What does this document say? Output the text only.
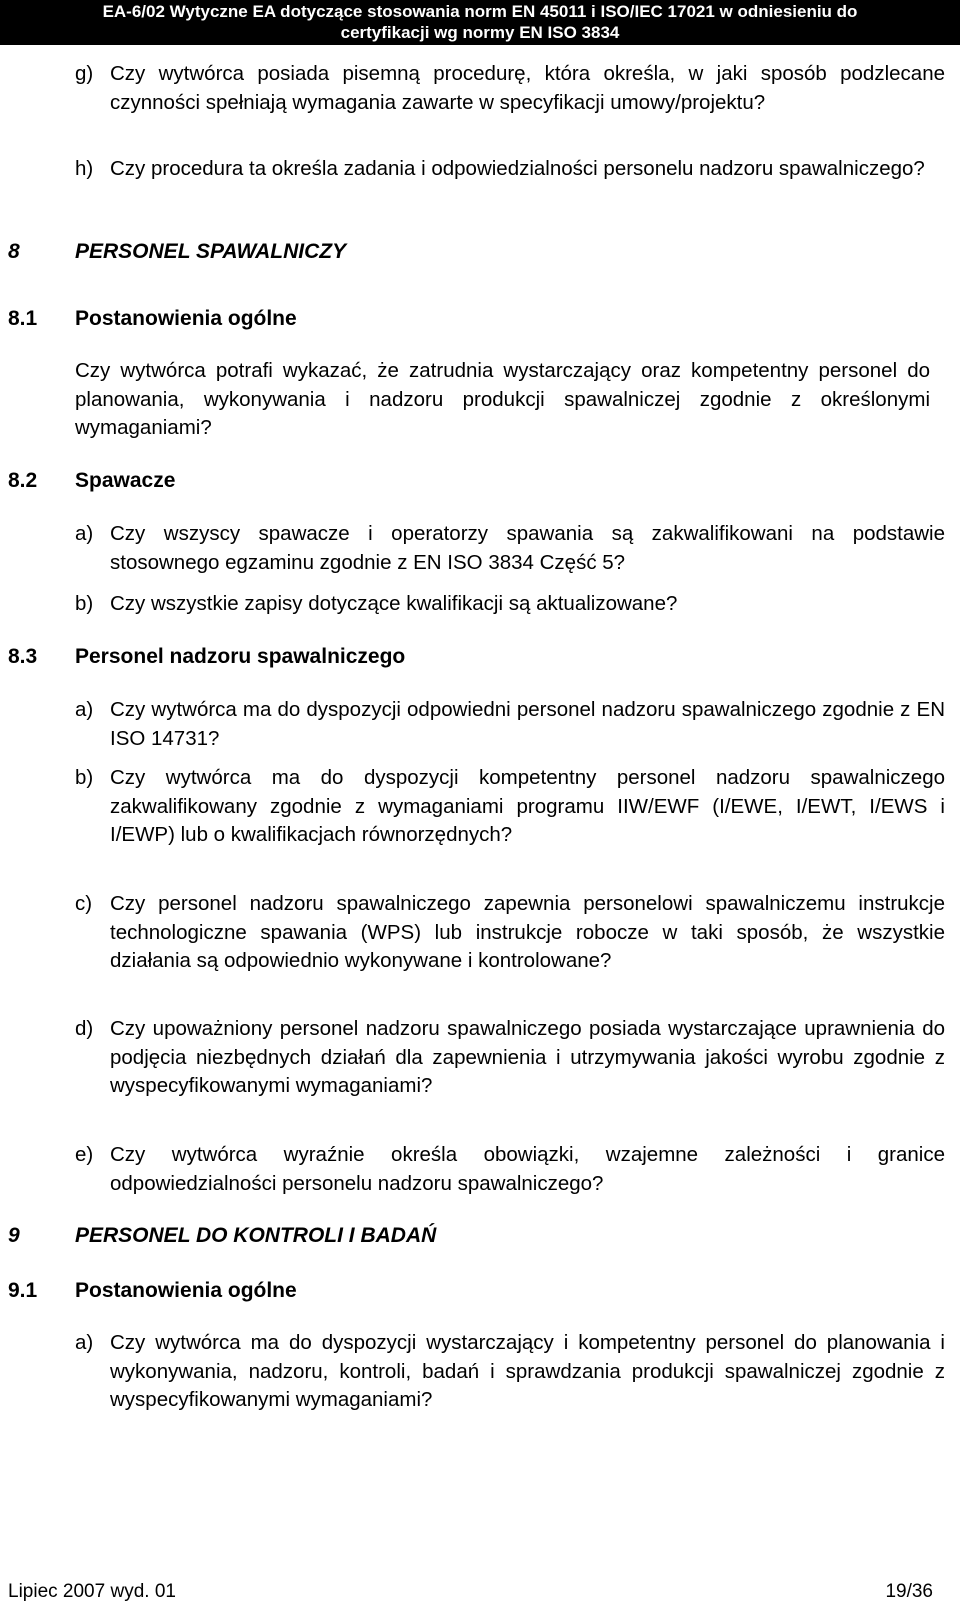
EA-6/02 Wytyczne EA dotyczące stosowania norm EN 45011 i ISO/IEC 17021 w odniesieniu do
certyfikacji wg normy EN ISO 3834
g) Czy wytwórca posiada pisemną procedurę, która określa, w jaki sposób podzlecane czynności spełniają wymagania zawarte w specyfikacji umowy/projektu?
h) Czy procedura ta określa zadania i odpowiedzialności personelu nadzoru spawalniczego?
8	PERSONEL SPAWALNICZY
8.1 Postanowienia ogólne
Czy wytwórca potrafi wykazać, że zatrudnia wystarczający oraz kompetentny personel do planowania, wykonywania i nadzoru produkcji spawalniczej zgodnie z określonymi wymaganiami?
8.2 Spawacze
a) Czy wszyscy spawacze i operatorzy spawania są zakwalifikowani na podstawie stosownego egzaminu zgodnie z EN ISO 3834 Część 5?
b) Czy wszystkie zapisy dotyczące kwalifikacji są aktualizowane?
8.3 Personel nadzoru spawalniczego
a) Czy wytwórca ma do dyspozycji odpowiedni personel nadzoru spawalniczego zgodnie z EN ISO 14731?
b) Czy wytwórca ma do dyspozycji kompetentny personel nadzoru spawalniczego zakwalifikowany zgodnie z wymaganiami programu IIW/EWF (I/EWE, I/EWT, I/EWS i I/EWP) lub o kwalifikacjach równorzędnych?
c) Czy personel nadzoru spawalniczego zapewnia personelowi spawalniczemu instrukcje technologiczne spawania (WPS) lub instrukcje robocze w taki sposób, że wszystkie działania są odpowiednio wykonywane i kontrolowane?
d) Czy upoważniony personel nadzoru spawalniczego posiada wystarczające uprawnienia do podjęcia niezbędnych działań dla zapewnienia i utrzymywania jakości wyrobu zgodnie z wyspecyfikowanymi wymaganiami?
e) Czy wytwórca wyraźnie określa obowiązki, wzajemne zależności i granice odpowiedzialności personelu nadzoru spawalniczego?
9	PERSONEL DO KONTROLI I BADAŃ
9.1 Postanowienia ogólne
a) Czy wytwórca ma do dyspozycji wystarczający i kompetentny personel do planowania i wykonywania, nadzoru, kontroli, badań i sprawdzania produkcji spawalniczej zgodnie z wyspecyfikowanymi wymaganiami?
Lipiec 2007 wyd. 01	19/36
